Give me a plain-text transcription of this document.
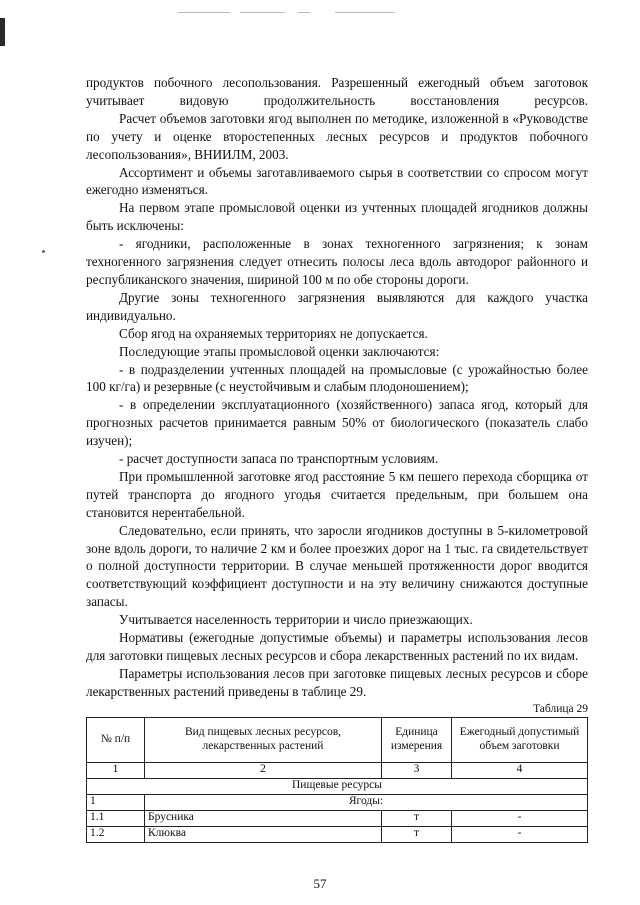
продуктов побочного лесопользования. Разрешенный ежегодный объем заготовок учитывает видовую продолжительность восстановления ресурсов.

Расчет объемов заготовки ягод выполнен по методике, изложенной в «Руководстве по учету и оценке второстепенных лесных ресурсов и продуктов побочного лесопользования», ВНИИЛМ, 2003.

Ассортимент и объемы заготавливаемого сырья в соответствии со спросом могут ежегодно изменяться.

На первом этапе промысловой оценки из учтенных площадей ягодников должны быть исключены:

- ягодники, расположенные в зонах техногенного загрязнения; к зонам техногенного загрязнения следует отнесить полосы леса вдоль автодорог районного и республиканского значения, шириной 100 м по обе стороны дороги.

Другие зоны техногенного загрязнения выявляются для каждого участка индивидуально.

Сбор ягод на охраняемых территориях не допускается.

Последующие этапы промысловой оценки заключаются:

- в подразделении учтенных площадей на промысловые (с урожайностью более 100 кг/га) и резервные (с неустойчивым и слабым плодоношением);

- в определении эксплуатационного (хозяйственного) запаса ягод, который для прогнозных расчетов принимается равным 50% от биологического (показатель слабо изучен);

- расчет доступности запаса по транспортным условиям.

При промышленной заготовке ягод расстояние 5 км пешего перехода сборщика от путей транспорта до ягодного угодья считается предельным, при большем она становится нерентабельной.

Следовательно, если принять, что заросли ягодников доступны в 5-километровой зоне вдоль дороги, то наличие 2 км и более проезжих дорог на 1 тыс. га свидетельствует о полной доступности территории. В случае меньшей протяженности дорог вводится соответствующий коэффициент доступности и на эту величину снижаются доступные запасы.

Учитывается населенность территории и число приезжающих.

Нормативы (ежегодные допустимые объемы) и параметры использования лесов для заготовки пищевых лесных ресурсов и сбора лекарственных растений по их видам.

Параметры использования лесов при заготовке пищевых лесных ресурсов и сборе лекарственных растений приведены в таблице 29.

Таблица 29
№ п/п	Вид пищевых лесных ресурсов, лекарственных растений	Единица измерения	Ежегодный допустимый объем заготовки
1	2	3	4
Пищевые ресурсы			
1	Ягоды:		
1.1	Брусника	т	-
1.2	Клюква	т	-
57
